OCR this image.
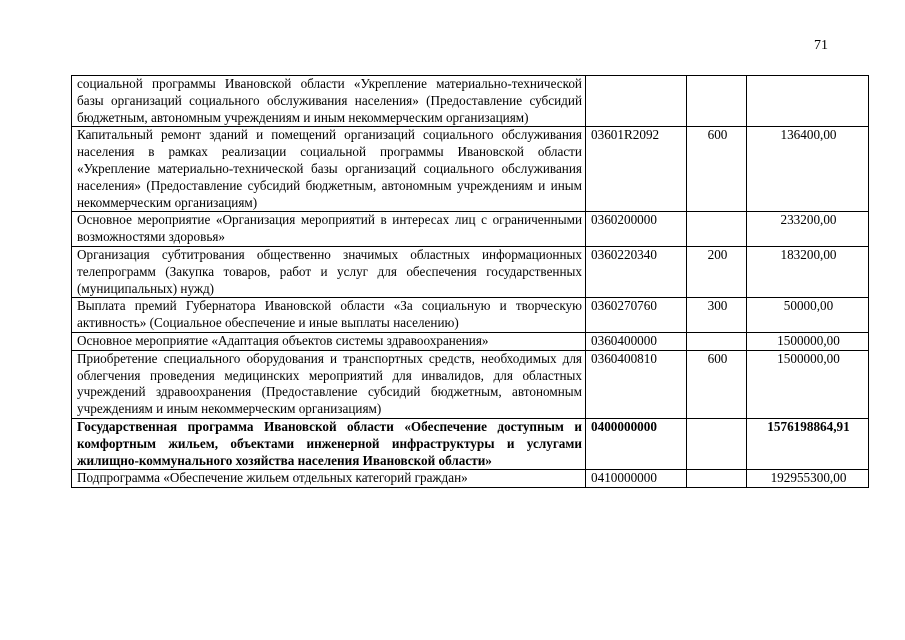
71
социальной программы Ивановской области «Укрепление материально-технической базы организаций социального обслуживания населения» (Предоставление субсидий бюджетным, автономным учреждениям и иным некоммерческим организациям)			
Капитальный ремонт зданий и помещений организаций социального обслуживания населения в рамках реализации социальной программы Ивановской области «Укрепление материально-технической базы организаций социального обслуживания населения» (Предоставление субсидий бюджетным, автономным учреждениям и иным некоммерческим организациям)	03601R2092	600	136400,00
Основное мероприятие «Организация мероприятий в интересах лиц с ограниченными возможностями здоровья»	0360200000		233200,00
Организация субтитрования общественно значимых областных информационных телепрограмм (Закупка товаров, работ и услуг для обеспечения государственных (муниципальных) нужд)	0360220340	200	183200,00
Выплата премий Губернатора Ивановской области «За социальную и творческую активность» (Социальное обеспечение и иные выплаты населению)	0360270760	300	50000,00
Основное мероприятие «Адаптация объектов системы здравоохранения»	0360400000		1500000,00
Приобретение специального оборудования и транспортных средств, необходимых для облегчения проведения медицинских мероприятий для инвалидов, для областных учреждений здравоохранения (Предоставление субсидий бюджетным, автономным учреждениям и иным некоммерческим организациям)	0360400810	600	1500000,00
Государственная программа Ивановской области «Обеспечение доступным и комфортным жильем, объектами инженерной инфраструктуры и услугами жилищно-коммунального хозяйства населения Ивановской области»	0400000000		1576198864,91
Подпрограмма «Обеспечение жильем отдельных категорий граждан»	0410000000		192955300,00
